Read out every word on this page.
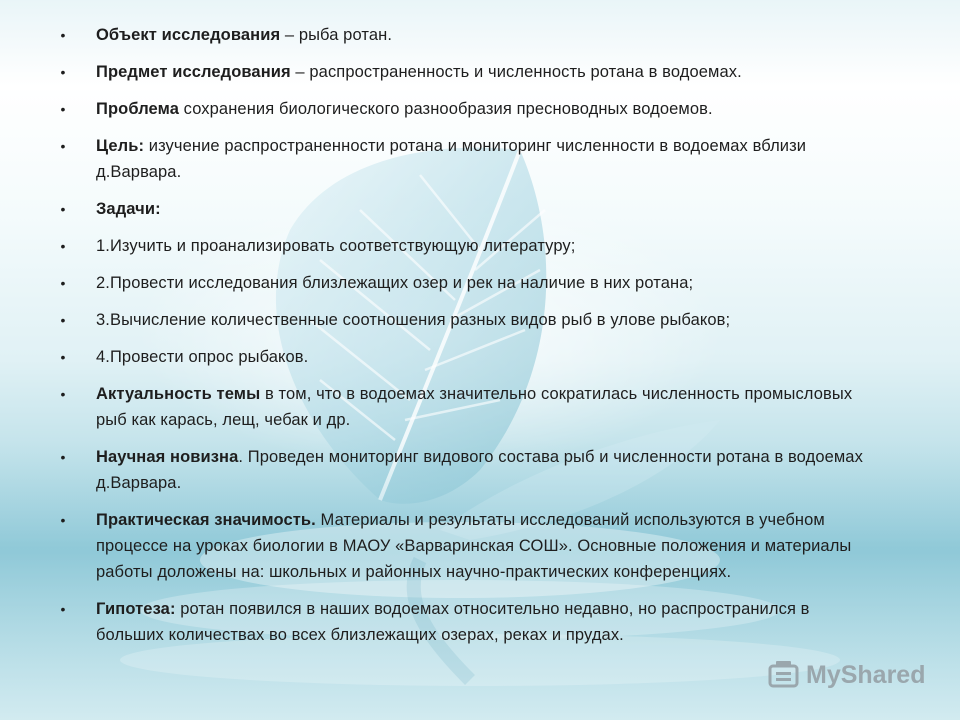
•	Объект исследования – рыба ротан.
•	Предмет исследования – распространенность и численность ротана в водоемах.
•	Проблема сохранения биологического разнообразия пресноводных водоемов.
•	Цель: изучение распространенности ротана и мониторинг численности в водоемах вблизи д.Варвара.
•	Задачи:
•	1.Изучить и проанализировать соответствующую литературу;
•	2.Провести исследования близлежащих озер и рек на наличие в них ротана;
•	3.Вычисление количественные соотношения разных видов рыб в улове рыбаков;
•	4.Провести опрос рыбаков.
•	Актуальность темы в том, что в водоемах значительно сократилась численность промысловых рыб как карась, лещ, чебак и др.
•	Научная новизна. Проведен мониторинг видового состава рыб и численности ротана в водоемах д.Варвара.
•	Практическая значимость. Материалы и результаты исследований используются в учебном процессе на уроках биологии в МАОУ «Варваринская СОШ». Основные положения и материалы работы доложены на: школьных и районных научно-практических конференциях.
•	Гипотеза: ротан появился в наших водоемах относительно недавно, но распространился в больших количествах во всех близлежащих озерах, реках и прудах.
MyShared
